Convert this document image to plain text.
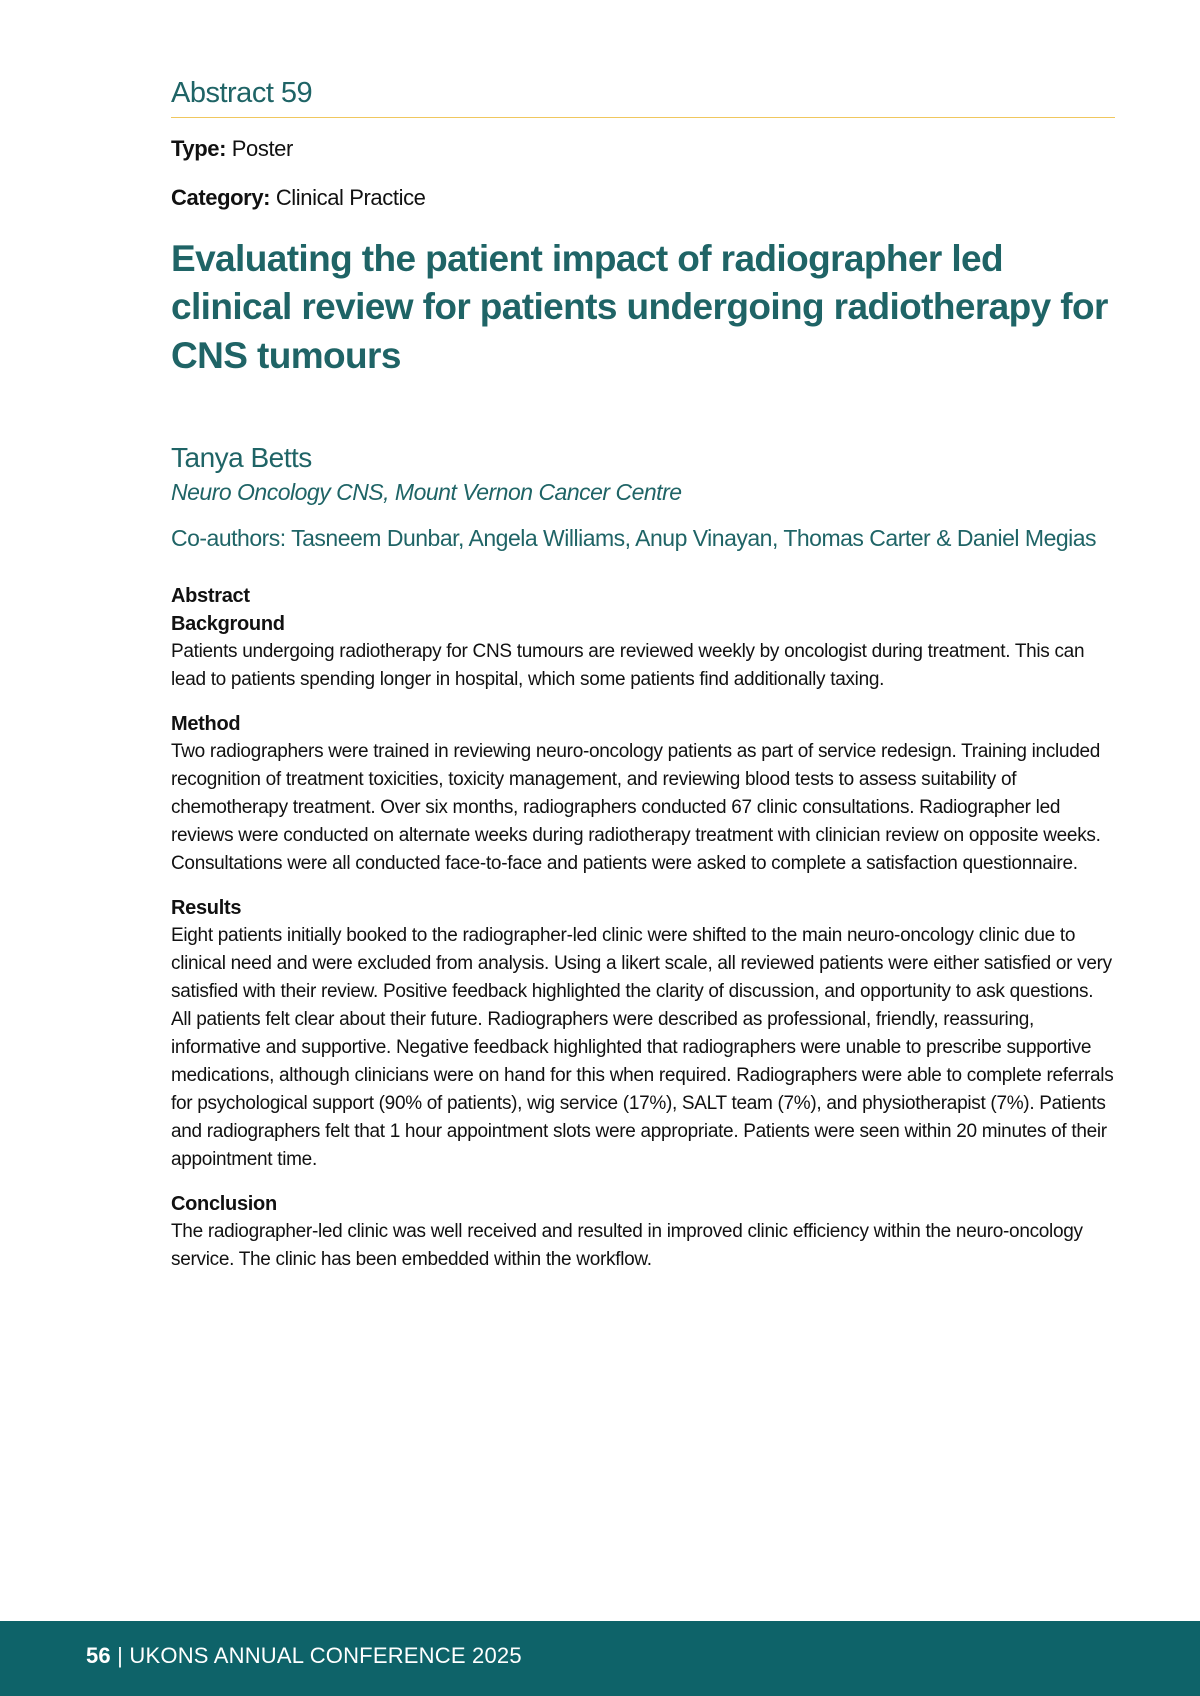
Abstract 59
Type: Poster
Category: Clinical Practice
Evaluating the patient impact of radiographer led clinical review for patients undergoing radiotherapy for CNS tumours
Tanya Betts
Neuro Oncology CNS, Mount Vernon Cancer Centre
Co-authors: Tasneem Dunbar, Angela Williams, Anup Vinayan, Thomas Carter & Daniel Megias
Abstract
Background
Patients undergoing radiotherapy for CNS tumours are reviewed weekly by oncologist during treatment. This can lead to patients spending longer in hospital, which some patients find additionally taxing.
Method
Two radiographers were trained in reviewing neuro-oncology patients as part of service redesign. Training included recognition of treatment toxicities, toxicity management, and reviewing blood tests to assess suitability of chemotherapy treatment. Over six months, radiographers conducted 67 clinic consultations. Radiographer led reviews were conducted on alternate weeks during radiotherapy treatment with clinician review on opposite weeks. Consultations were all conducted face-to-face and patients were asked to complete a satisfaction questionnaire.
Results
Eight patients initially booked to the radiographer-led clinic were shifted to the main neuro-oncology clinic due to clinical need and were excluded from analysis. Using a likert scale, all reviewed patients were either satisfied or very satisfied with their review. Positive feedback highlighted the clarity of discussion, and opportunity to ask questions. All patients felt clear about their future. Radiographers were described as professional, friendly, reassuring, informative and supportive. Negative feedback highlighted that radiographers were unable to prescribe supportive medications, although clinicians were on hand for this when required. Radiographers were able to complete referrals for psychological support (90% of patients), wig service (17%), SALT team (7%), and physiotherapist (7%). Patients and radiographers felt that 1 hour appointment slots were appropriate. Patients were seen within 20 minutes of their appointment time.
Conclusion
The radiographer-led clinic was well received and resulted in improved clinic efficiency within the neuro-oncology service. The clinic has been embedded within the workflow.
56 | UKONS ANNUAL CONFERENCE 2025
